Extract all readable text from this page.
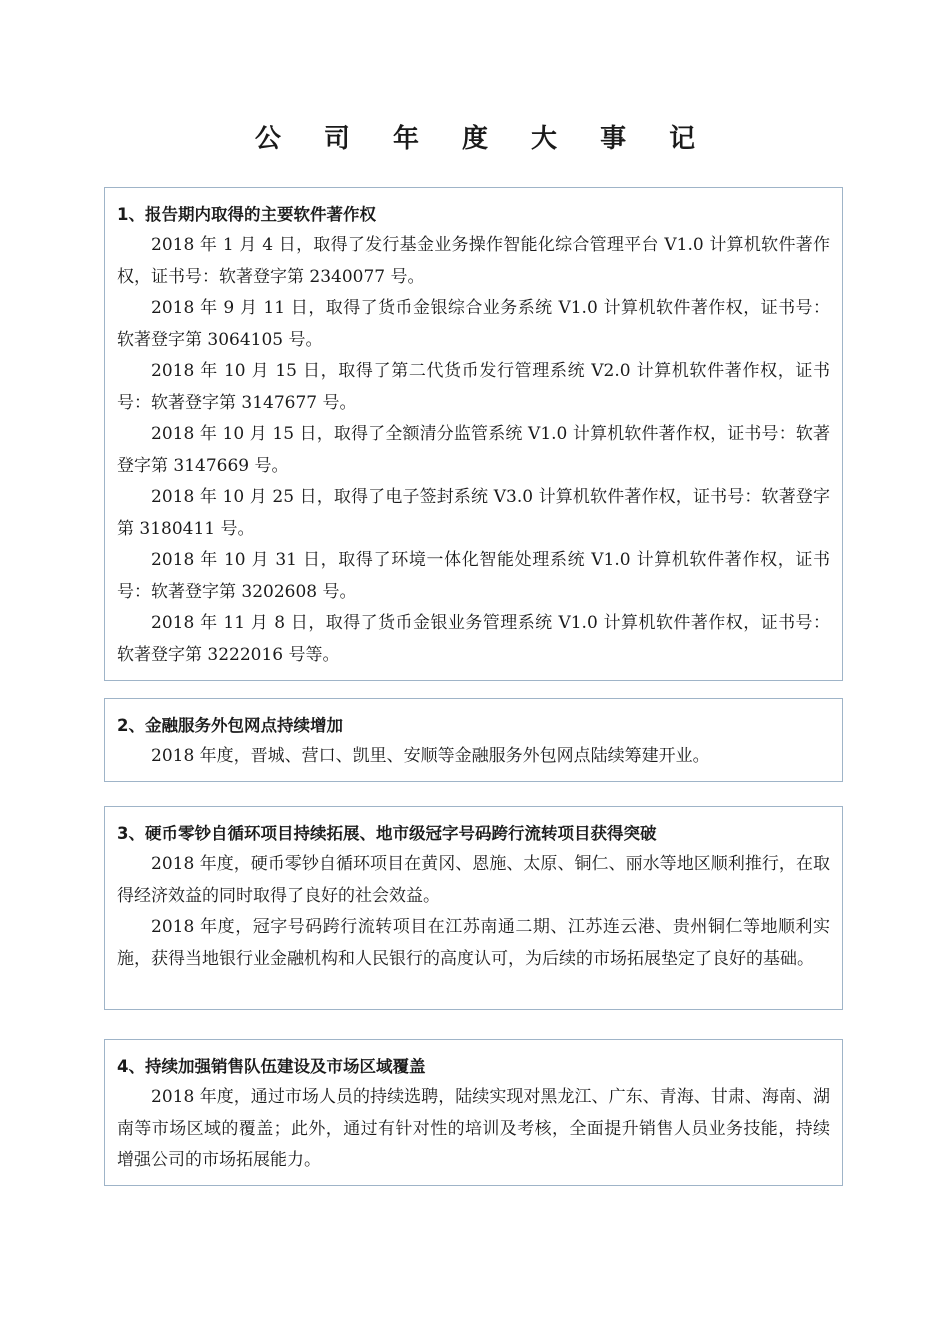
公 司 年 度 大 事 记

1、报告期内取得的主要软件著作权

2018 年 1 月 4 日，取得了发行基金业务操作智能化综合管理平台 V1.0 计算机软件著作权，证书号：软著登字第 2340077 号。

2018 年 9 月 11 日，取得了货币金银综合业务系统 V1.0 计算机软件著作权，证书号：软著登字第 3064105 号。

2018 年 10 月 15 日，取得了第二代货币发行管理系统 V2.0 计算机软件著作权，证书号：软著登字第 3147677 号。

2018 年 10 月 15 日，取得了全额清分监管系统 V1.0 计算机软件著作权，证书号：软著登字第 3147669 号。

2018 年 10 月 25 日，取得了电子签封系统 V3.0 计算机软件著作权，证书号：软著登字第 3180411 号。

2018 年 10 月 31 日，取得了环境一体化智能处理系统 V1.0 计算机软件著作权，证书号：软著登字第 3202608 号。

2018 年 11 月 8 日，取得了货币金银业务管理系统 V1.0 计算机软件著作权，证书号：软著登字第 3222016 号等。

2、金融服务外包网点持续增加

2018 年度，晋城、营口、凯里、安顺等金融服务外包网点陆续筹建开业。

3、硬币零钞自循环项目持续拓展、地市级冠字号码跨行流转项目获得突破

2018 年度，硬币零钞自循环项目在黄冈、恩施、太原、铜仁、丽水等地区顺利推行，在取得经济效益的同时取得了良好的社会效益。

2018 年度，冠字号码跨行流转项目在江苏南通二期、江苏连云港、贵州铜仁等地顺利实施，获得当地银行业金融机构和人民银行的高度认可，为后续的市场拓展垫定了良好的基础。

4、持续加强销售队伍建设及市场区域覆盖

2018 年度，通过市场人员的持续选聘，陆续实现对黑龙江、广东、青海、甘肃、海南、湖南等市场区域的覆盖；此外，通过有针对性的培训及考核，全面提升销售人员业务技能，持续增强公司的市场拓展能力。
